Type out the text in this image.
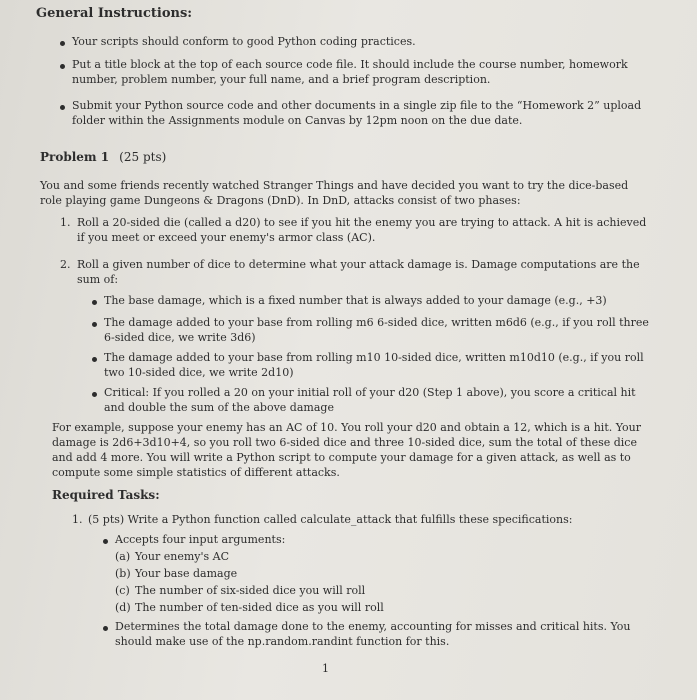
General Instructions:
Your scripts should conform to good Python coding practices.
Put a title block at the top of each source code file. It should include the course number, homework
number, problem number, your full name, and a brief program description.
Submit your Python source code and other documents in a single zip file to the “Homework 2” upload
folder within the Assignments module on Canvas by 12pm noon on the due date.
Problem 1 (25 pts)
You and some friends recently watched Stranger Things and have decided you want to try the dice-based
role playing game Dungeons & Dragons (DnD). In DnD, attacks consist of two phases:
1. Roll a 20-sided die (called a d20) to see if you hit the enemy you are trying to attack. A hit is achieved
if you meet or exceed your enemy's armor class (AC).
2. Roll a given number of dice to determine what your attack damage is. Damage computations are the
sum of:
The base damage, which is a fixed number that is always added to your damage (e.g., +3)
The damage added to your base from rolling m6 6-sided dice, written m6d6 (e.g., if you roll three
6-sided dice, we write 3d6)
The damage added to your base from rolling m10 10-sided dice, written m10d10 (e.g., if you roll
two 10-sided dice, we write 2d10)
Critical: If you rolled a 20 on your initial roll of your d20 (Step 1 above), you score a critical hit
and double the sum of the above damage
For example, suppose your enemy has an AC of 10. You roll your d20 and obtain a 12, which is a hit. Your
damage is 2d6+3d10+4, so you roll two 6-sided dice and three 10-sided dice, sum the total of these dice
and add 4 more. You will write a Python script to compute your damage for a given attack, as well as to
compute some simple statistics of different attacks.
Required Tasks:
1. (5 pts) Write a Python function called calculate_attack that fulfills these specifications:
Accepts four input arguments:
(a) Your enemy's AC
(b) Your base damage
(c) The number of six-sided dice you will roll
(d) The number of ten-sided dice as you will roll
Determines the total damage done to the enemy, accounting for misses and critical hits. You
should make use of the np.random.randint function for this.
1
